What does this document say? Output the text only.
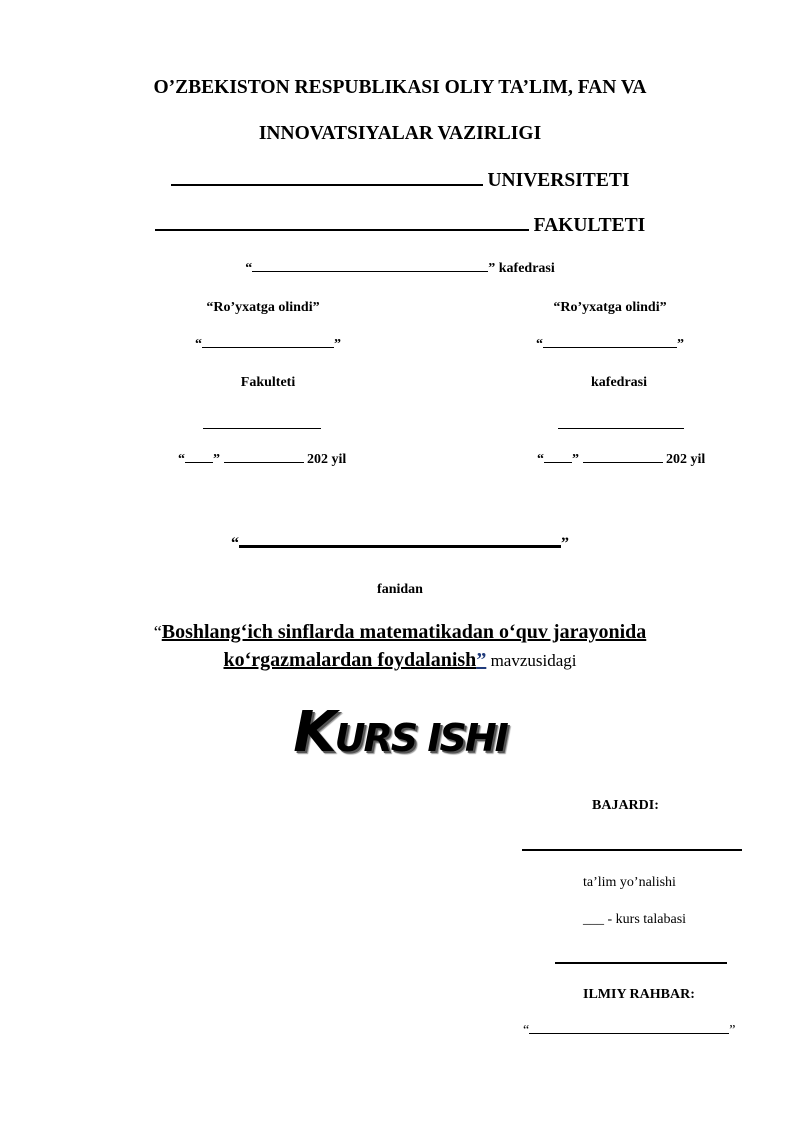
O’ZBEKISTON RESPUBLIKASI OLIY TA’LIM, FAN VA
INNOVATSIYALAR VAZIRLIGI
UNIVERSITETI
FAKULTETI
“	” kafedrasi
“Ro’yxatga olindi”
“	”
Fakulteti
“ ”	202 yil
“Ro’yxatga olindi”
“	”
kafedrasi
“ ”	202 yil
“	”
fanidan
“Boshlang‘ich sinflarda matematikadan o‘quv jarayonida
ko‘rgazmalardan foydalanish” mavzusidagi
KURS ISHI
BAJARDI:
ta’lim yo’nalishi
___ - kurs talabasi
ILMIY RAHBAR:
“	”
